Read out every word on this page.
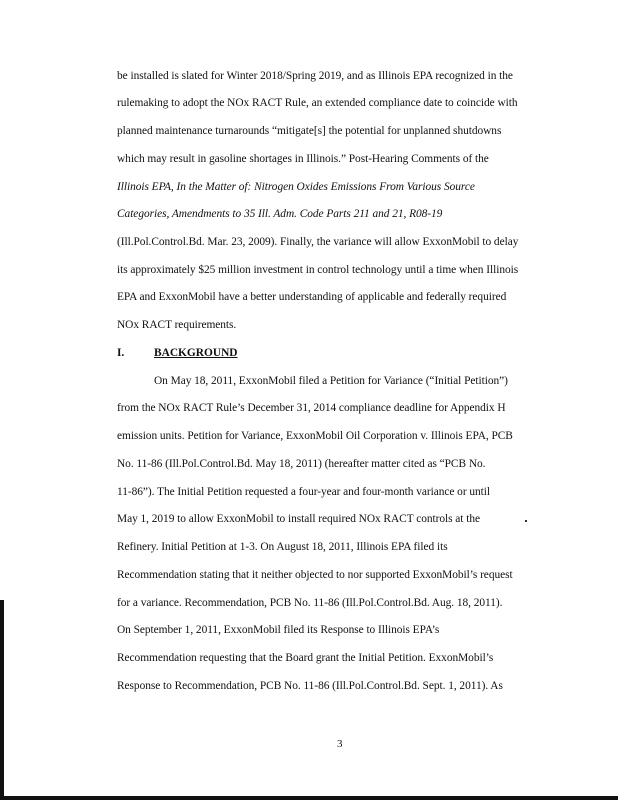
be installed is slated for Winter 2018/Spring 2019, and as Illinois EPA recognized in the
rulemaking to adopt the NOx RACT Rule, an extended compliance date to coincide with
planned maintenance turnarounds “mitigate[s] the potential for unplanned shutdowns
which may result in gasoline shortages in Illinois.” Post-Hearing Comments of the
Illinois EPA, In the Matter of: Nitrogen Oxides Emissions From Various Source
Categories, Amendments to 35 Ill. Adm. Code Parts 211 and 21, R08-19
(Ill.Pol.Control.Bd. Mar. 23, 2009). Finally, the variance will allow ExxonMobil to delay
its approximately $25 million investment in control technology until a time when Illinois
EPA and ExxonMobil have a better understanding of applicable and federally required
NOx RACT requirements.
I.	BACKGROUND
On May 18, 2011, ExxonMobil filed a Petition for Variance (“Initial Petition”)
from the NOx RACT Rule’s December 31, 2014 compliance deadline for Appendix H
emission units. Petition for Variance, ExxonMobil Oil Corporation v. Illinois EPA, PCB
No. 11-86 (Ill.Pol.Control.Bd. May 18, 2011) (hereafter matter cited as “PCB No.
11-86”). The Initial Petition requested a four-year and four-month variance or until
May 1, 2019 to allow ExxonMobil to install required NOx RACT controls at the
Refinery. Initial Petition at 1-3. On August 18, 2011, Illinois EPA filed its
Recommendation stating that it neither objected to nor supported ExxonMobil’s request
for a variance. Recommendation, PCB No. 11-86 (Ill.Pol.Control.Bd. Aug. 18, 2011).
On September 1, 2011, ExxonMobil filed its Response to Illinois EPA’s
Recommendation requesting that the Board grant the Initial Petition. ExxonMobil’s
Response to Recommendation, PCB No. 11-86 (Ill.Pol.Control.Bd. Sept. 1, 2011). As
3
